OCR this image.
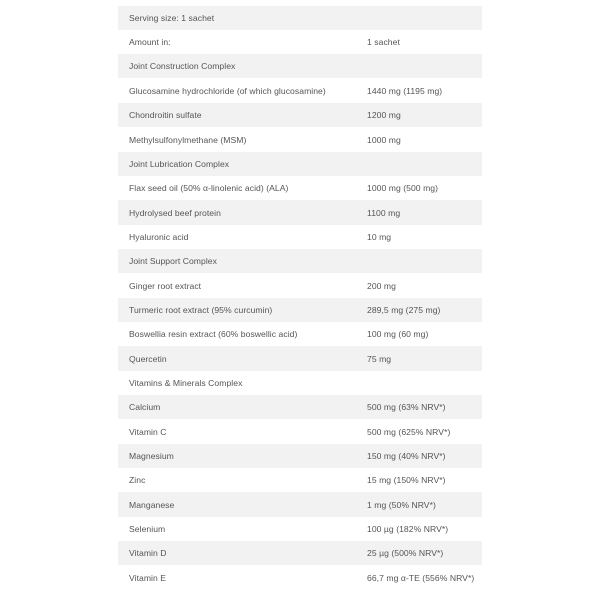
Serving size: 1 sachet
Amount in:	1 sachet
Joint Construction Complex
Glucosamine hydrochloride (of which glucosamine)	1440 mg (1195 mg)
Chondroitin sulfate	1200 mg
Methylsulfonylmethane (MSM)	1000 mg
Joint Lubrication Complex
Flax seed oil (50% α-linolenic acid) (ALA)	1000 mg (500 mg)
Hydrolysed beef protein	1100 mg
Hyaluronic acid	10 mg
Joint Support Complex
Ginger root extract	200 mg
Turmeric root extract (95% curcumin)	289,5 mg (275 mg)
Boswellia resin extract (60% boswellic acid)	100 mg (60 mg)
Quercetin	75 mg
Vitamins & Minerals Complex
Calcium	500 mg (63% NRV*)
Vitamin C	500 mg (625% NRV*)
Magnesium	150 mg (40% NRV*)
Zinc	15 mg (150% NRV*)
Manganese	1 mg (50% NRV*)
Selenium	100 µg (182% NRV*)
Vitamin D	25 µg (500% NRV*)
Vitamin E	66,7 mg α-TE (556% NRV*)
